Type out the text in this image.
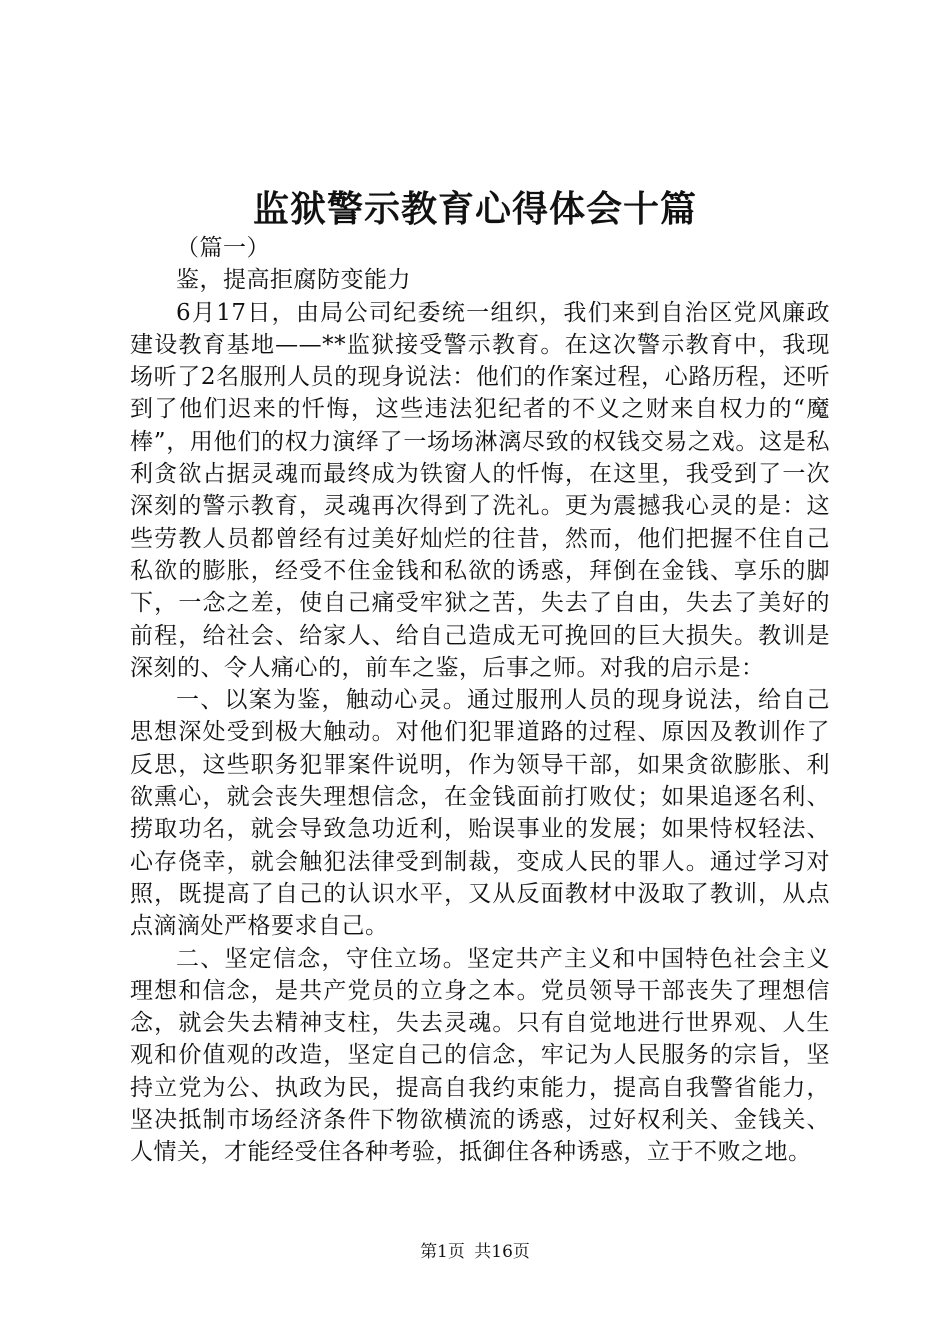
监狱警示教育心得体会十篇

（篇一）

鉴，提高拒腐防变能力

6月17日，由局公司纪委统一组织，我们来到自治区党风廉政建设教育基地——**监狱接受警示教育。在这次警示教育中，我现场听了2名服刑人员的现身说法：他们的作案过程，心路历程，还听到了他们迟来的忏悔，这些违法犯纪者的不义之财来自权力的“魔棒”，用他们的权力演绎了一场场淋漓尽致的权钱交易之戏。这是私利贪欲占据灵魂而最终成为铁窗人的忏悔，在这里，我受到了一次深刻的警示教育，灵魂再次得到了洗礼。更为震撼我心灵的是：这些劳教人员都曾经有过美好灿烂的往昔，然而，他们把握不住自己私欲的膨胀，经受不住金钱和私欲的诱惑，拜倒在金钱、享乐的脚下，一念之差，使自己痛受牢狱之苦，失去了自由，失去了美好的前程，给社会、给家人、给自己造成无可挽回的巨大损失。教训是深刻的、令人痛心的，前车之鉴，后事之师。对我的启示是：

一、以案为鉴，触动心灵。通过服刑人员的现身说法，给自己思想深处受到极大触动。对他们犯罪道路的过程、原因及教训作了反思，这些职务犯罪案件说明，作为领导干部，如果贪欲膨胀、利欲熏心，就会丧失理想信念，在金钱面前打败仗；如果追逐名利、捞取功名，就会导致急功近利，贻误事业的发展；如果恃权轻法、心存侥幸，就会触犯法律受到制裁，变成人民的罪人。通过学习对照，既提高了自己的认识水平，又从反面教材中汲取了教训，从点点滴滴处严格要求自己。

二、坚定信念，守住立场。坚定共产主义和中国特色社会主义理想和信念，是共产党员的立身之本。党员领导干部丧失了理想信念，就会失去精神支柱，失去灵魂。只有自觉地进行世界观、人生观和价值观的改造，坚定自己的信念，牢记为人民服务的宗旨，坚持立党为公、执政为民，提高自我约束能力，提高自我警省能力，坚决抵制市场经济条件下物欲横流的诱惑，过好权利关、金钱关、人情关，才能经受住各种考验，抵御住各种诱惑，立于不败之地。

第1页 共16页
